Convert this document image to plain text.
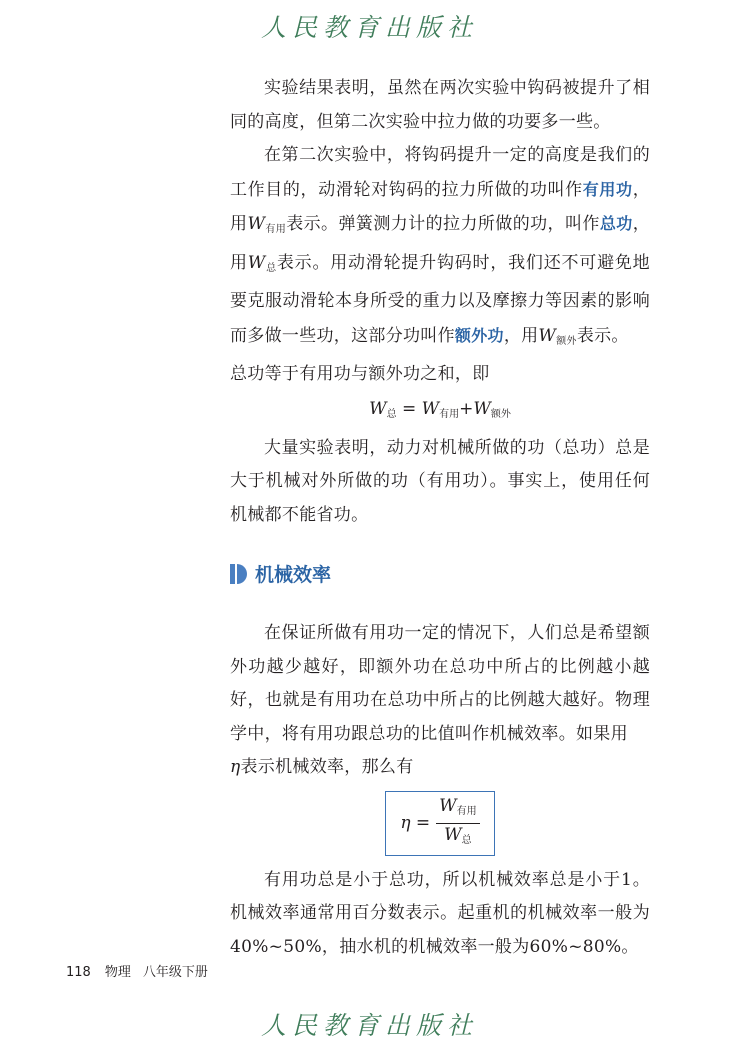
人民教育出版社

实验结果表明，虽然在两次实验中钩码被提升了相同的高度，但第二次实验中拉力做的功要多一些。

在第二次实验中，将钩码提升一定的高度是我们的工作目的，动滑轮对钩码的拉力所做的功叫作有用功，用$W_{有用}$表示。弹簧测力计的拉力所做的功，叫作总功，用$W_总$表示。用动滑轮提升钩码时，我们还不可避免地要克服动滑轮本身所受的重力以及摩擦力等因素的影响而多做一些功，这部分功叫作额外功，用$W_{额外}$表示。

总功等于有用功与额外功之和，即

$W_总 = W_{有用}+W_{额外}$

大量实验表明，动力对机械所做的功（总功）总是大于机械对外所做的功（有用功）。事实上，使用任何机械都不能省功。

机械效率

在保证所做有用功一定的情况下，人们总是希望额外功越少越好，即额外功在总功中所占的比例越小越好，也就是有用功在总功中所占的比例越大越好。物理学中，将有用功跟总功的比值叫作机械效率。如果用
η表示机械效率，那么有

η
= $\frac{W_{有用}}{W_总}$

有用功总是小于总功，所以机械效率总是小于1。机械效率通常用百分数表示。起重机的机械效率一般为40%~50%，抽水机的机械效率一般为60%~80%。

118 物理 八年级下册
人民教育出版社
